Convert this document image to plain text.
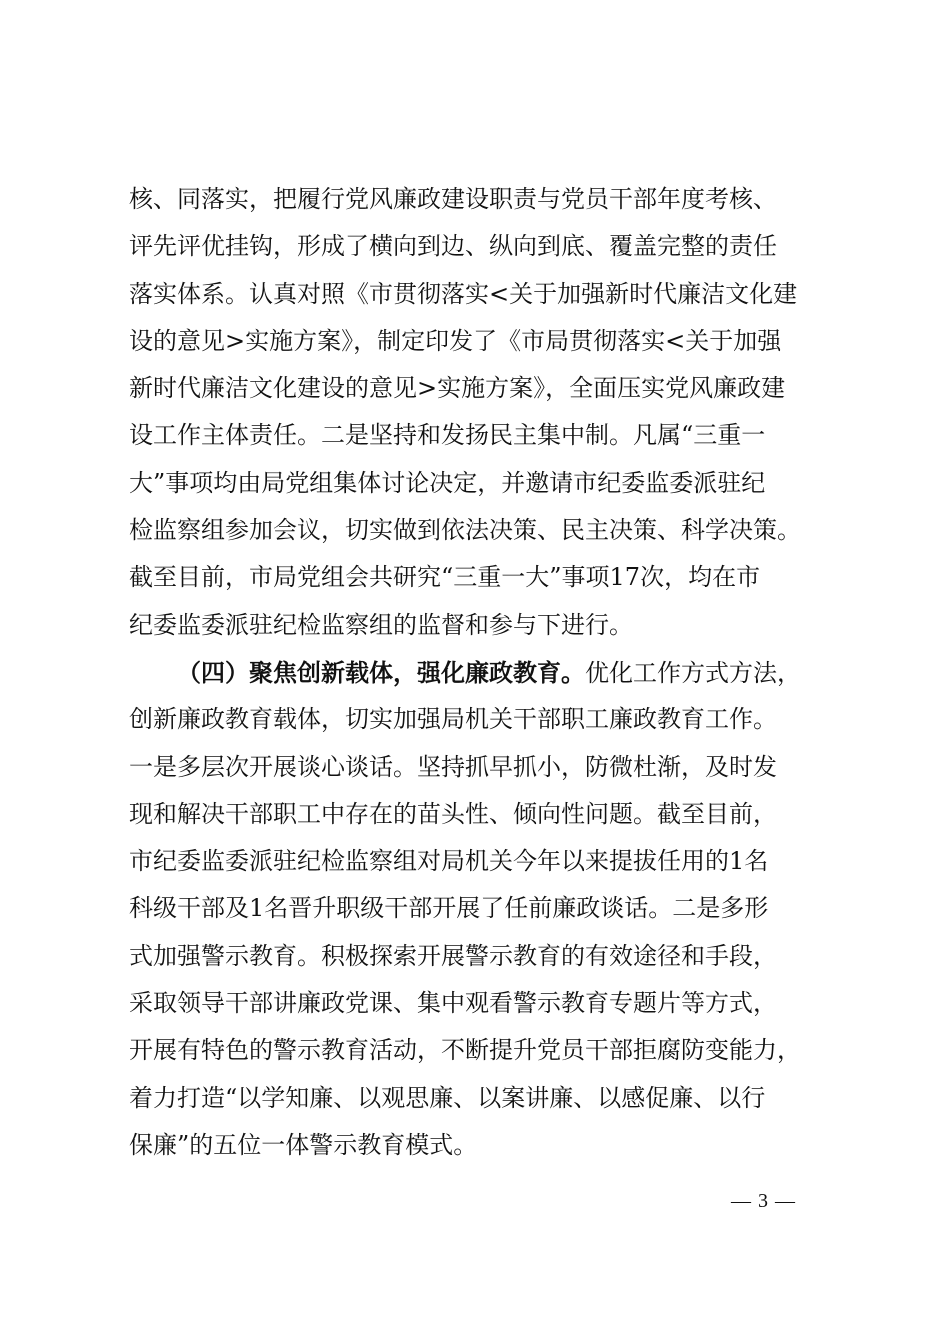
核、同落实，把履行党风廉政建设职责与党员干部年度考核、
评先评优挂钩，形成了横向到边、纵向到底、覆盖完整的责任
落实体系。认真对照《市贯彻落实<关于加强新时代廉洁文化建
设的意见>实施方案》，制定印发了《市局贯彻落实<关于加强
新时代廉洁文化建设的意见>实施方案》，全面压实党风廉政建
设工作主体责任。二是坚持和发扬民主集中制。凡属“三重一
大”事项均由局党组集体讨论决定，并邀请市纪委监委派驻纪
检监察组参加会议，切实做到依法决策、民主决策、科学决策。
截至目前，市局党组会共研究“三重一大”事项17次，均在市
纪委监委派驻纪检监察组的监督和参与下进行。
（四）聚焦创新载体，强化廉政教育。优化工作方式方法，
创新廉政教育载体，切实加强局机关干部职工廉政教育工作。
一是多层次开展谈心谈话。坚持抓早抓小，防微杜渐，及时发
现和解决干部职工中存在的苗头性、倾向性问题。截至目前，
市纪委监委派驻纪检监察组对局机关今年以来提拔任用的1名
科级干部及1名晋升职级干部开展了任前廉政谈话。二是多形
式加强警示教育。积极探索开展警示教育的有效途径和手段，
采取领导干部讲廉政党课、集中观看警示教育专题片等方式，
开展有特色的警示教育活动，不断提升党员干部拒腐防变能力，
着力打造“以学知廉、以观思廉、以案讲廉、以感促廉、以行
保廉”的五位一体警示教育模式。
— 3 —
